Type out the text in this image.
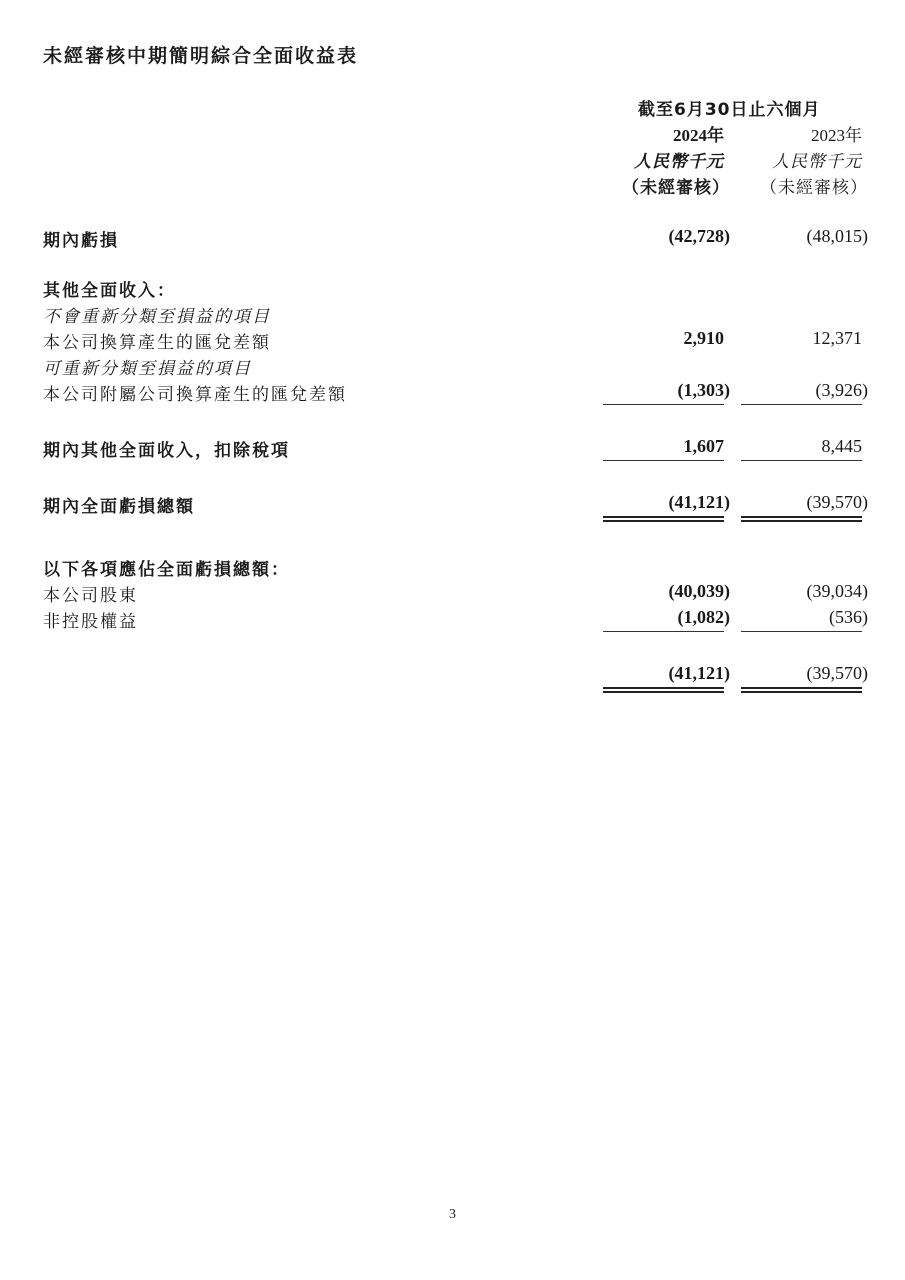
未經審核中期簡明綜合全面收益表
截至6月30日止六個月
2024年	2023年
人民幣千元	人民幣千元
（未經審核） （未經審核）
期內虧損	(42,728)	(48,015)
其他全面收入：
不會重新分類至損益的項目
本公司換算產生的匯兌差額	2,910	12,371
可重新分類至損益的項目
本公司附屬公司換算產生的匯兌差額	(1,303)	(3,926)
期內其他全面收入，扣除稅項	1,607	8,445
期內全面虧損總額	(41,121)	(39,570)
以下各項應佔全面虧損總額：
本公司股東	(40,039)	(39,034)
非控股權益	(1,082)	(536)
(41,121)	(39,570)
3
